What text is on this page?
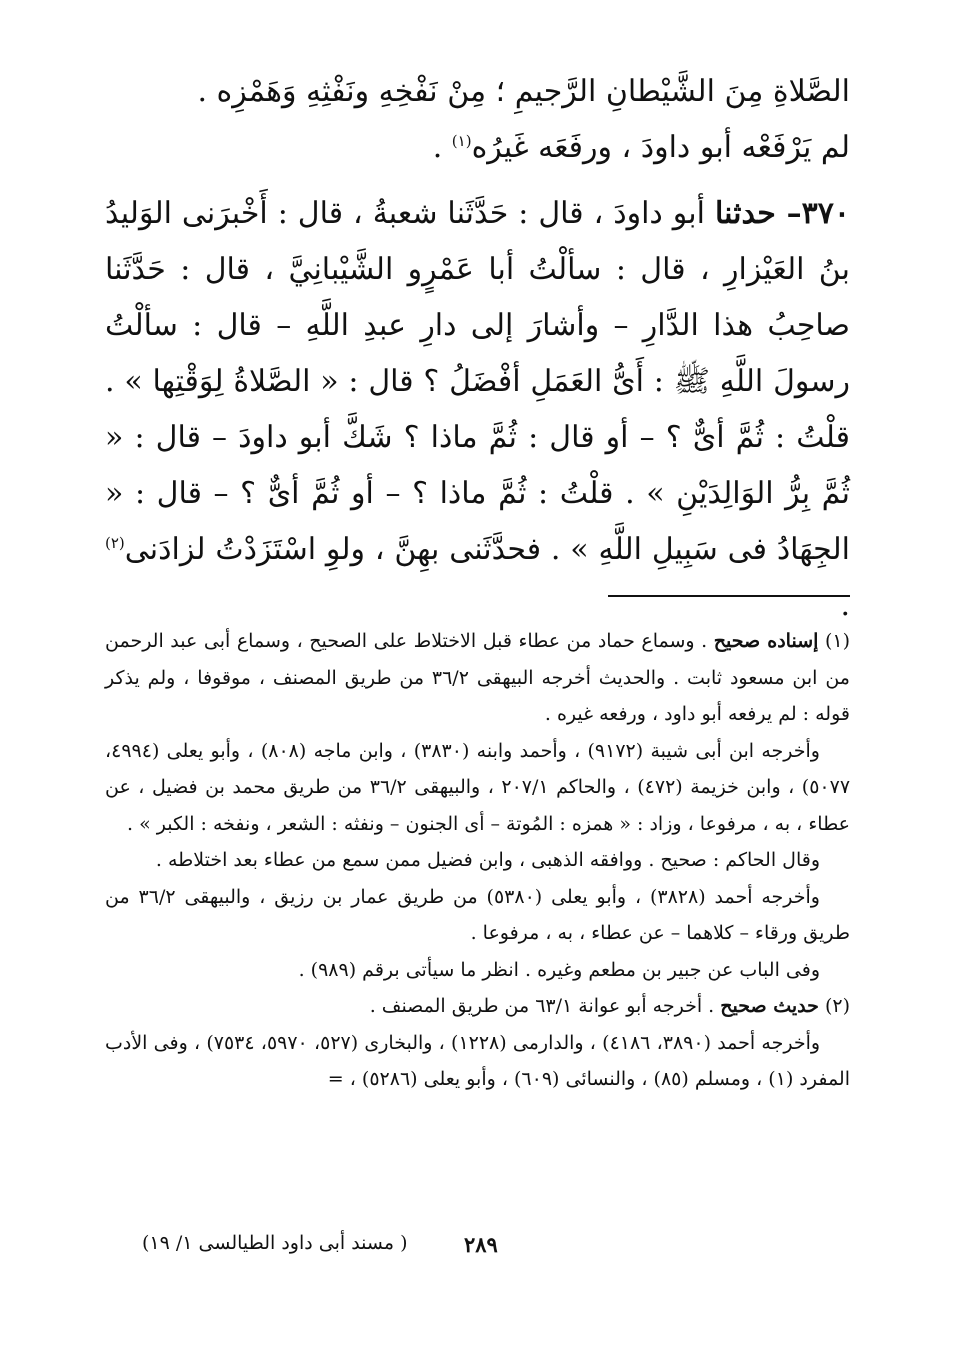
الصَّلاةِ مِنَ الشَّيْطانِ الرَّجيمِ ؛ مِنْ نَفْخِهِ ونَفْثِهِ وَهَمْزِه .

لم يَرْفَعْه أبو داودَ ، ورفَعَه غَيرُه$^{(١)}$ .

٣٧٠– حدثنا أبو داودَ ، قال : حَدَّثَنا شعبةُ ، قال : أَخْبرَنى الوَليدُ بنُ العَيْزارِ ، قال : سألْتُ أبا عَمْرٍو الشَّيْبانِيَّ ، قال : حَدَّثَنا صاحِبُ هذا الدَّارِ – وأشارَ إلى دارِ عبدِ اللَّهِ – قال : سألْتُ رسولَ اللَّهِ ﷺ : أَىُّ العَمَلِ أفْضَلُ ؟ قال : « الصَّلاةُ لِوَقْتِها » . قلْتُ : ثُمَّ أىٌّ ؟ – أو قال : ثُمَّ ماذا ؟ شَكَّ أبو داودَ – قال : « ثُمَّ بِرُّ الوَالِدَيْنِ » . قلْتُ : ثُمَّ ماذا ؟ – أو ثُمَّ أىٌّ ؟ – قال : « الجِهَادُ فى سَبِيلِ اللَّهِ » . فحدَّثَنى بهِنَّ ، ولوِ اسْتَزَدْتُ لزادَنى$^{(٢)}$ .

(١) إسناده صحيح . وسماع حماد من عطاء قبل الاختلاط على الصحيح ، وسماع أبى عبد الرحمن من ابن مسعود ثابت . والحديث أخرجه البيهقى ٣٦/٢ من طريق المصنف ، موقوفا ، ولم يذكر قوله : لم يرفعه أبو داود ، ورفعه غيره .

وأخرجه ابن أبى شيبة (٩١٧٢) ، وأحمد وابنه (٣٨٣٠) ، وابن ماجه (٨٠٨) ، وأبو يعلى (٤٩٩٤، ٥٠٧٧) ، وابن خزيمة (٤٧٢) ، والحاكم ٢٠٧/١ ، والبيهقى ٣٦/٢ من طريق محمد بن فضيل ، عن عطاء ، به ، مرفوعا ، وزاد : « همزه : المُوتة – أى الجنون – ونفثه : الشعر ، ونفخه : الكبر » .

وقال الحاكم : صحيح . ووافقه الذهبى ، وابن فضيل ممن سمع من عطاء بعد اختلاطه .

وأخرجه أحمد (٣٨٢٨) ، وأبو يعلى (٥٣٨٠) من طريق عمار بن رزيق ، والبيهقى ٣٦/٢ من طريق ورقاء – كلاهما – عن عطاء ، به ، مرفوعا .

وفى الباب عن جبير بن مطعم وغيره . انظر ما سيأتى برقم (٩٨٩) .

(٢) حديث صحيح . أخرجه أبو عوانة ٦٣/١ من طريق المصنف .

وأخرجه أحمد (٣٨٩٠، ٤١٨٦) ، والدارمى (١٢٢٨) ، والبخارى (٥٢٧، ٥٩٧٠، ٧٥٣٤) ، وفى الأدب المفرد (١) ، ومسلم (٨٥) ، والنسائى (٦٠٩) ، وأبو يعلى (٥٢٨٦) ، =

٢٨٩
( مسند أبى داود الطيالسى ١/ ١٩)
